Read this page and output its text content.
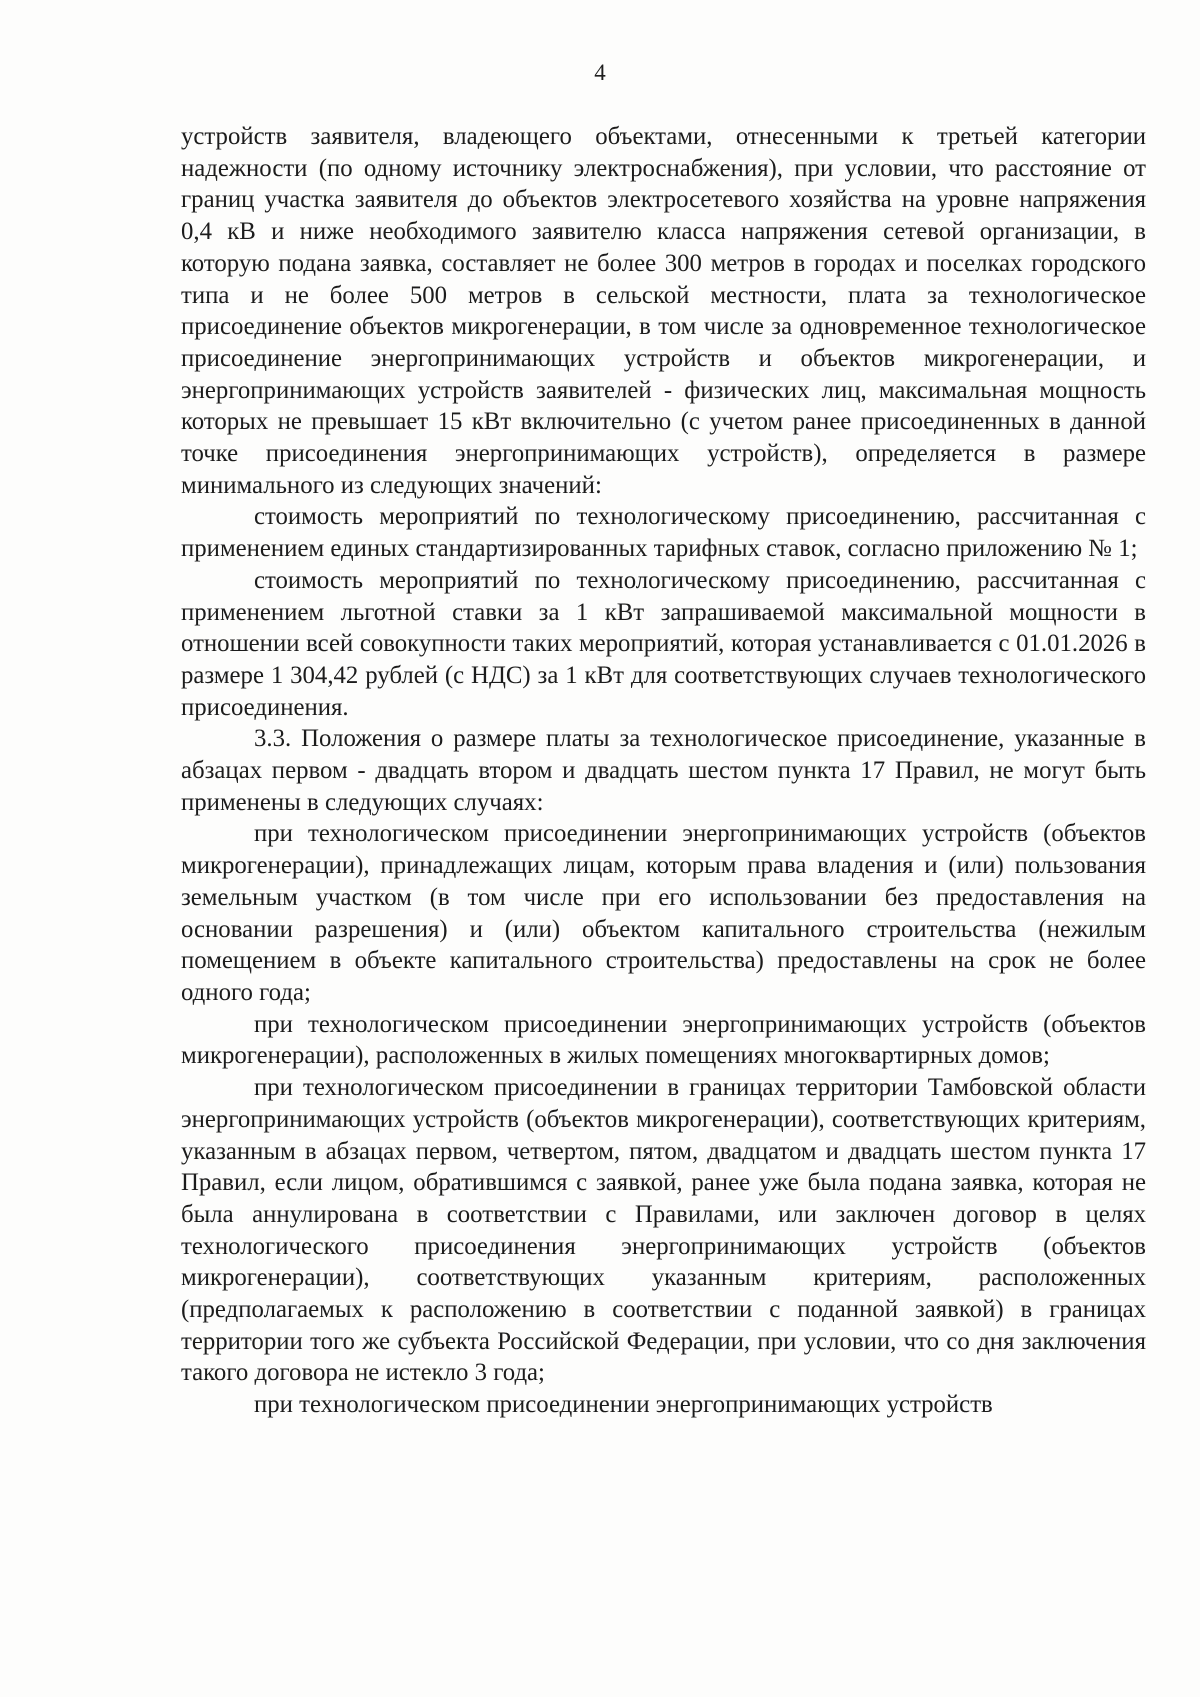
4

устройств заявителя, владеющего объектами, отнесенными к третьей категории надежности (по одному источнику электроснабжения), при условии, что расстояние от границ участка заявителя до объектов электросетевого хозяйства на уровне напряжения 0,4 кВ и ниже необходимого заявителю класса напряжения сетевой организации, в которую подана заявка, составляет не более 300 метров в городах и поселках городского типа и не более 500 метров в сельской местности, плата за технологическое присоединение объектов микрогенерации, в том числе за одновременное технологическое присоединение энергопринимающих устройств и объектов микрогенерации, и энергопринимающих устройств заявителей - физических лиц, максимальная мощность которых не превышает 15 кВт включительно (с учетом ранее присоединенных в данной точке присоединения энергопринимающих устройств), определяется в размере минимального из следующих значений:

стоимость мероприятий по технологическому присоединению, рассчитанная с применением единых стандартизированных тарифных ставок, согласно приложению № 1;

стоимость мероприятий по технологическому присоединению, рассчитанная с применением льготной ставки за 1 кВт запрашиваемой максимальной мощности в отношении всей совокупности таких мероприятий, которая устанавливается с 01.01.2026 в размере 1 304,42 рублей (с НДС) за 1 кВт для соответствующих случаев технологического присоединения.

3.3. Положения о размере платы за технологическое присоединение, указанные в абзацах первом - двадцать втором и двадцать шестом пункта 17 Правил, не могут быть применены в следующих случаях:

при технологическом присоединении энергопринимающих устройств (объектов микрогенерации), принадлежащих лицам, которым права владения и (или) пользования земельным участком (в том числе при его использовании без предоставления на основании разрешения) и (или) объектом капитального строительства (нежилым помещением в объекте капитального строительства) предоставлены на срок не более одного года;

при технологическом присоединении энергопринимающих устройств (объектов микрогенерации), расположенных в жилых помещениях многоквартирных домов;

при технологическом присоединении в границах территории Тамбовской области энергопринимающих устройств (объектов микрогенерации), соответствующих критериям, указанным в абзацах первом, четвертом, пятом, двадцатом и двадцать шестом пункта 17 Правил, если лицом, обратившимся с заявкой, ранее уже была подана заявка, которая не была аннулирована в соответствии с Правилами, или заключен договор в целях технологического присоединения энергопринимающих устройств (объектов микрогенерации), соответствующих указанным критериям, расположенных (предполагаемых к расположению в соответствии с поданной заявкой) в границах территории того же субъекта Российской Федерации, при условии, что со дня заключения такого договора не истекло 3 года;

при технологическом присоединении энергопринимающих устройств
